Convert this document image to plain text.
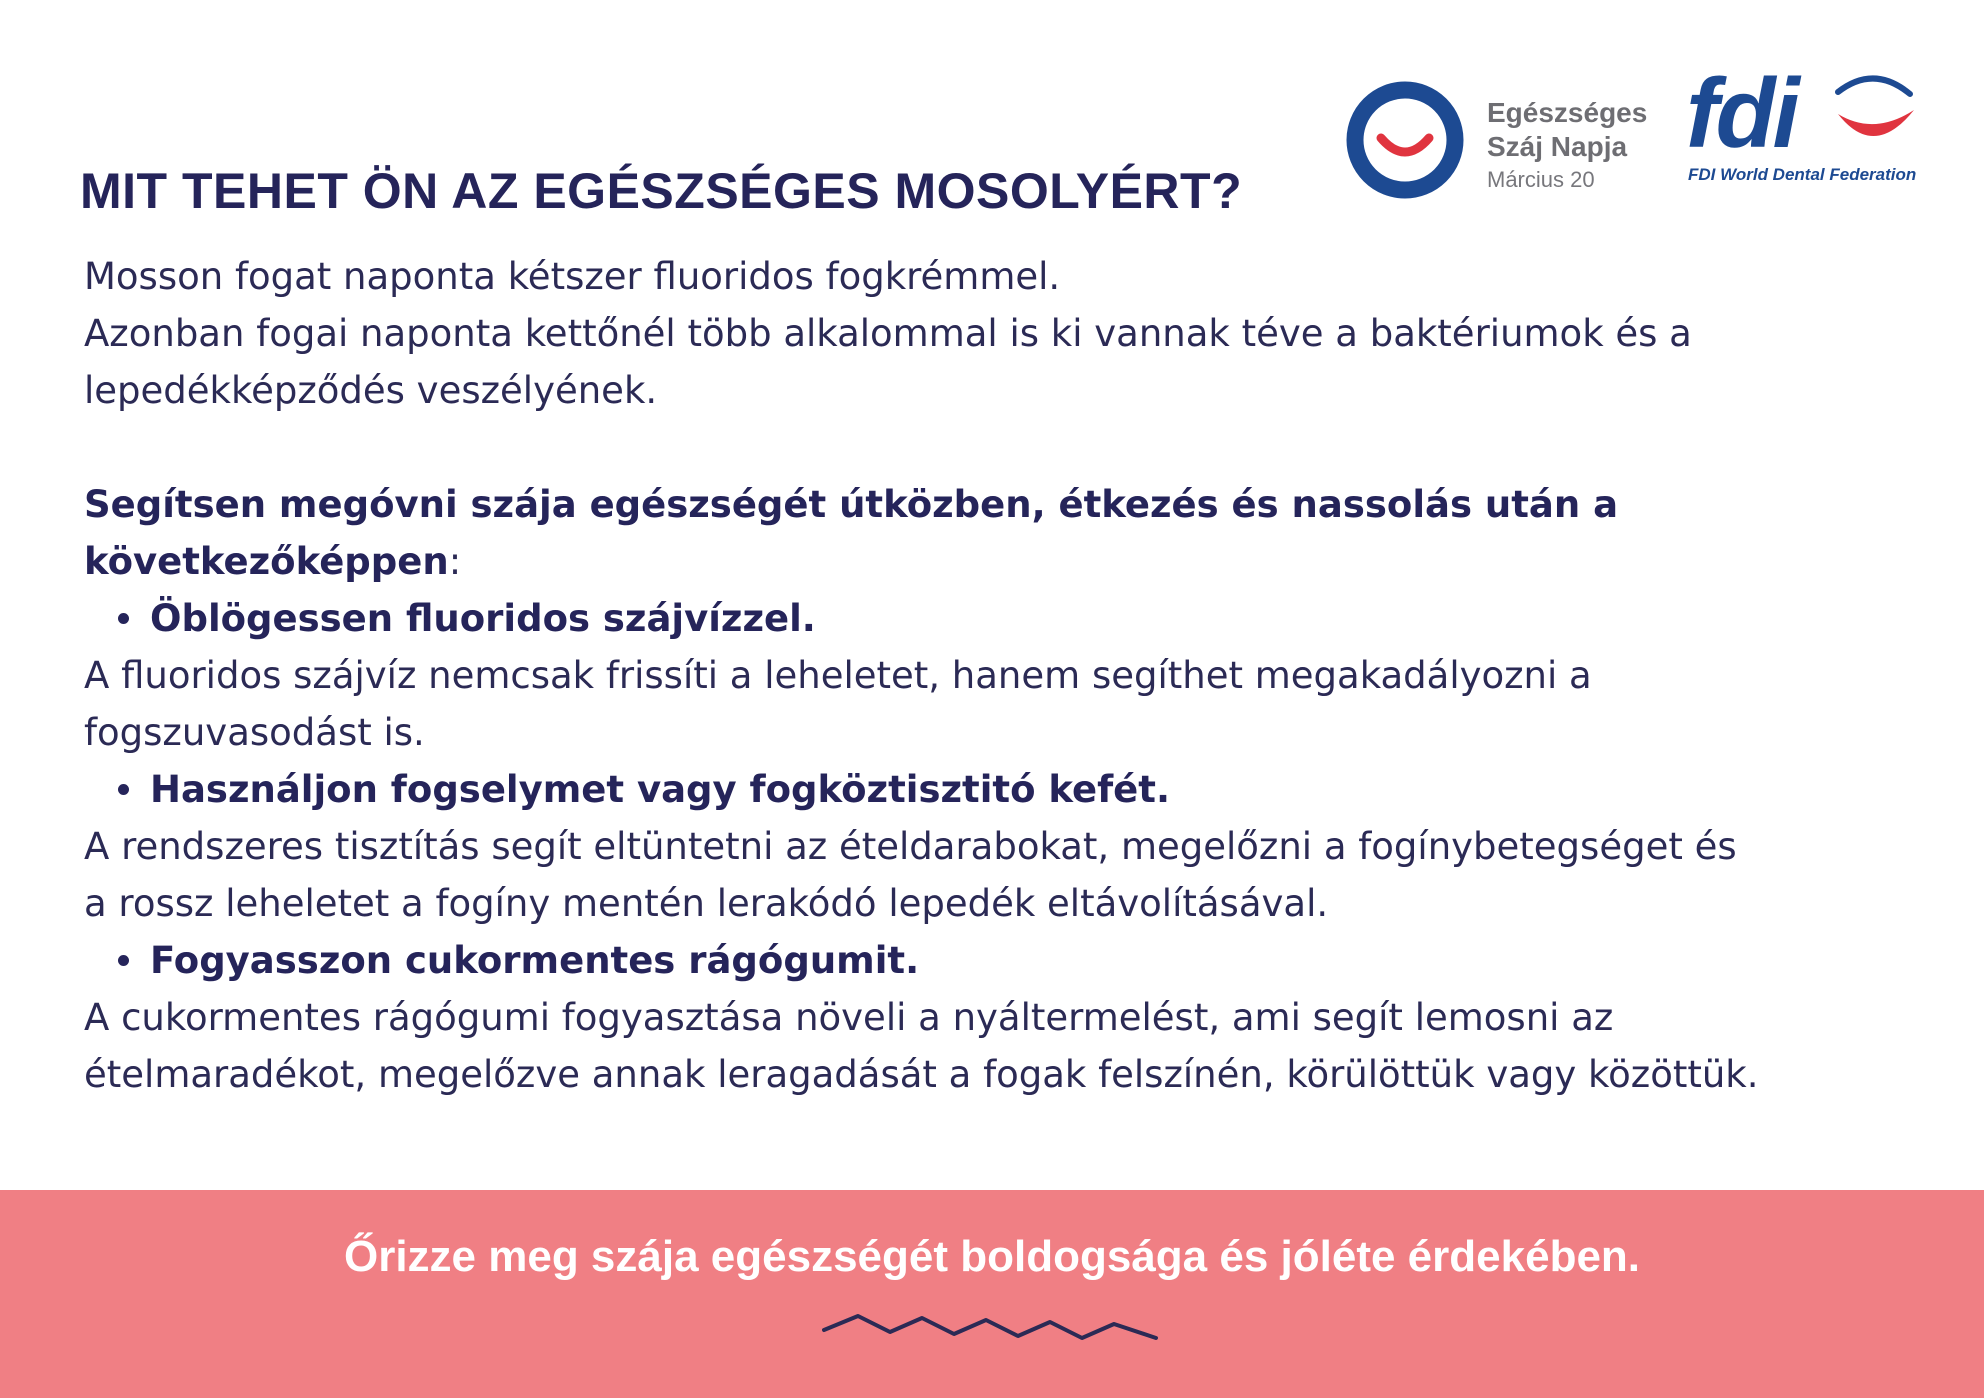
MIT TEHET ÖN AZ EGÉSZSÉGES MOSOLYÉRT?
Egészséges
Száj Napja
Március 20
fdi
FDI World Dental Federation
Mosson fogat naponta kétszer fluoridos fogkrémmel.
Azonban fogai naponta kettőnél több alkalommal is ki vannak téve a baktériumok és a
lepedékképződés veszélyének.
Segítsen megóvni szája egészségét útközben, étkezés és nassolás után a
következőképpen:
Öblögessen fluoridos szájvízzel.
A fluoridos szájvíz nemcsak frissíti a leheletet, hanem segíthet megakadályozni a
fogszuvasodást is.
Használjon fogselymet vagy fogköztisztitó kefét.
A rendszeres tisztítás segít eltüntetni az ételdarabokat, megelőzni a fogínybetegséget és
a rossz leheletet a fogíny mentén lerakódó lepedék eltávolításával.
Fogyasszon cukormentes rágógumit.
A cukormentes rágógumi fogyasztása növeli a nyáltermelést, ami segít lemosni az
ételmaradékot, megelőzve annak leragadását a fogak felszínén, körülöttük vagy közöttük.
Őrizze meg szája egészségét boldogsága és jóléte érdekében.
